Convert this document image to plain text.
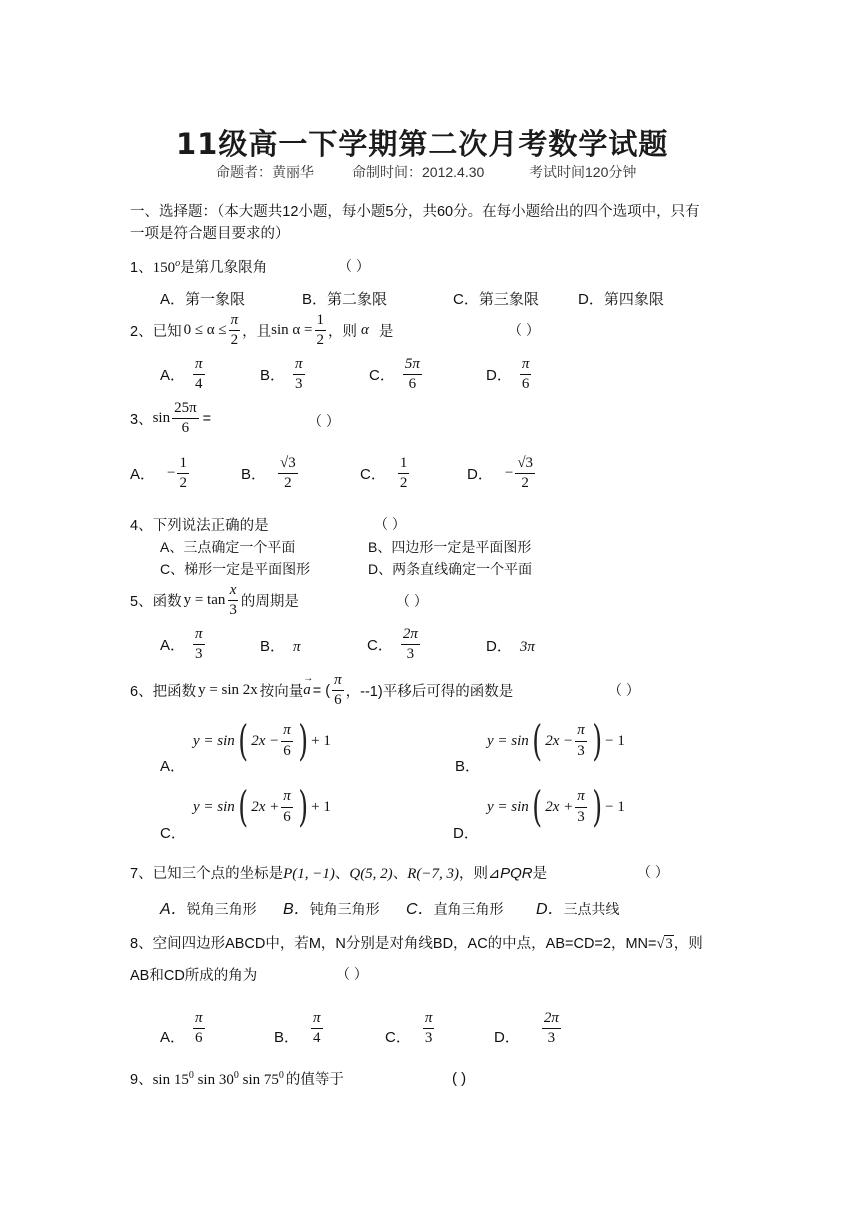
11级高一下学期第二次月考数学试题
命题者：黄丽华	命制时间：2012.4.30	考试时间120分钟
一、选择题：（本大题共12小题，每小题5分，共60分。在每小题给出的四个选项中，只有
一项是符合题目要求的）
1、150$^o$是第几象限角	（ ）
A．第一象限	B．第二象限	C．第三象限	D．第四象限
2、已知 $0 \le \alpha \le \frac{\pi}{2}$ ，且 $\sin \alpha = \frac{1}{2}$ ，则 α 是	（ ）
A． $\frac{\pi}{4}$	B． $\frac{\pi}{3}$	C． $\frac{5\pi}{6}$	D． $\frac{\pi}{6}$
3、 $\sin \frac{25\pi}{6}$ =	（ ）
A． − $\frac{1}{2}$	B． $\frac{√3}{2}$	C． $\frac{1}{2}$	D． − $\frac{√3}{2}$
4、下列说法正确的是	（ ）
A、三点确定一个平面	B、四边形一定是平面图形
C、梯形一定是平面图形	D、两条直线确定一个平面
5、函数 $y = \tan \frac{x}{3}$ 的周期是	（ ）
A． $\frac{\pi}{3}$	B． π	C． $\frac{2\pi}{3}$	D． 3π
6、把函数 y = sin 2x 按向量
→
a = ( $\frac{\pi}{6}$ ，--1) 平移后可得的函数是	（ ）
A．
y = sin ( $2x - \frac{\pi}{6}$ ) + 1
B．
y = sin ( $2x - \frac{\pi}{3}$ ) − 1
C．
y = sin ( $2x + \frac{\pi}{6}$ ) + 1
D．
y = sin ( $2x + \frac{\pi}{3}$ ) − 1
7、已知三个点的坐标是P(1, −1)、Q(5, 2)、R(−7, 3)，则⊿PQR是	（ ）
A．锐角三角形 B．钝角三角形 C．直角三角形 D．三点共线
8、空间四边形ABCD中，若M，N分别是对角线BD，AC的中点，AB=CD=2，MN=√3，则
AB和CD所成的角为	（ ）
A． $\frac{\pi}{6}$	B． $\frac{\pi}{4}$	C． $\frac{\pi}{3}$	D． $\frac{2\pi}{3}$
9、$\sin 15^0$ $\sin 30^0$ $\sin 75^0$ 的值等于	( )
